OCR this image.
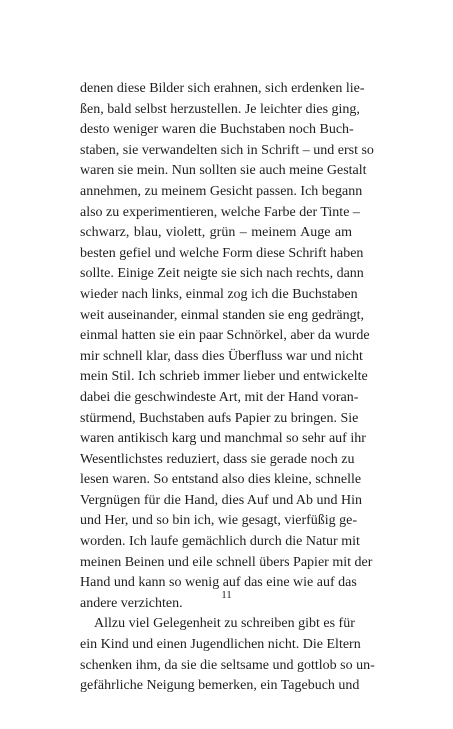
denen diese Bilder sich erahnen, sich erdenken lie-
ßen, bald selbst herzustellen. Je leichter dies ging,
desto weniger waren die Buchstaben noch Buch-
staben, sie verwandelten sich in Schrift – und erst so
waren sie mein. Nun sollten sie auch meine Gestalt
annehmen, zu meinem Gesicht passen. Ich begann
also zu experimentieren, welche Farbe der Tinte –
schwarz, blau, violett, grün – meinem Auge am
besten gefiel und welche Form diese Schrift haben
sollte. Einige Zeit neigte sie sich nach rechts, dann
wieder nach links, einmal zog ich die Buchstaben
weit auseinander, einmal standen sie eng gedrängt,
einmal hatten sie ein paar Schnörkel, aber da wurde
mir schnell klar, dass dies Überfluss war und nicht
mein Stil. Ich schrieb immer lieber und entwickelte
dabei die geschwindeste Art, mit der Hand voran-
stürmend, Buchstaben aufs Papier zu bringen. Sie
waren antikisch karg und manchmal so sehr auf ihr
Wesentlichstes reduziert, dass sie gerade noch zu
lesen waren. So entstand also dies kleine, schnelle
Vergnügen für die Hand, dies Auf und Ab und Hin
und Her, und so bin ich, wie gesagt, vierfüßig ge-
worden. Ich laufe gemächlich durch die Natur mit
meinen Beinen und eile schnell übers Papier mit der
Hand und kann so wenig auf das eine wie auf das
andere verzichten.
Allzu viel Gelegenheit zu schreiben gibt es für
ein Kind und einen Jugendlichen nicht. Die Eltern
schenken ihm, da sie die seltsame und gottlob so un-
gefährliche Neigung bemerken, ein Tagebuch und
11
